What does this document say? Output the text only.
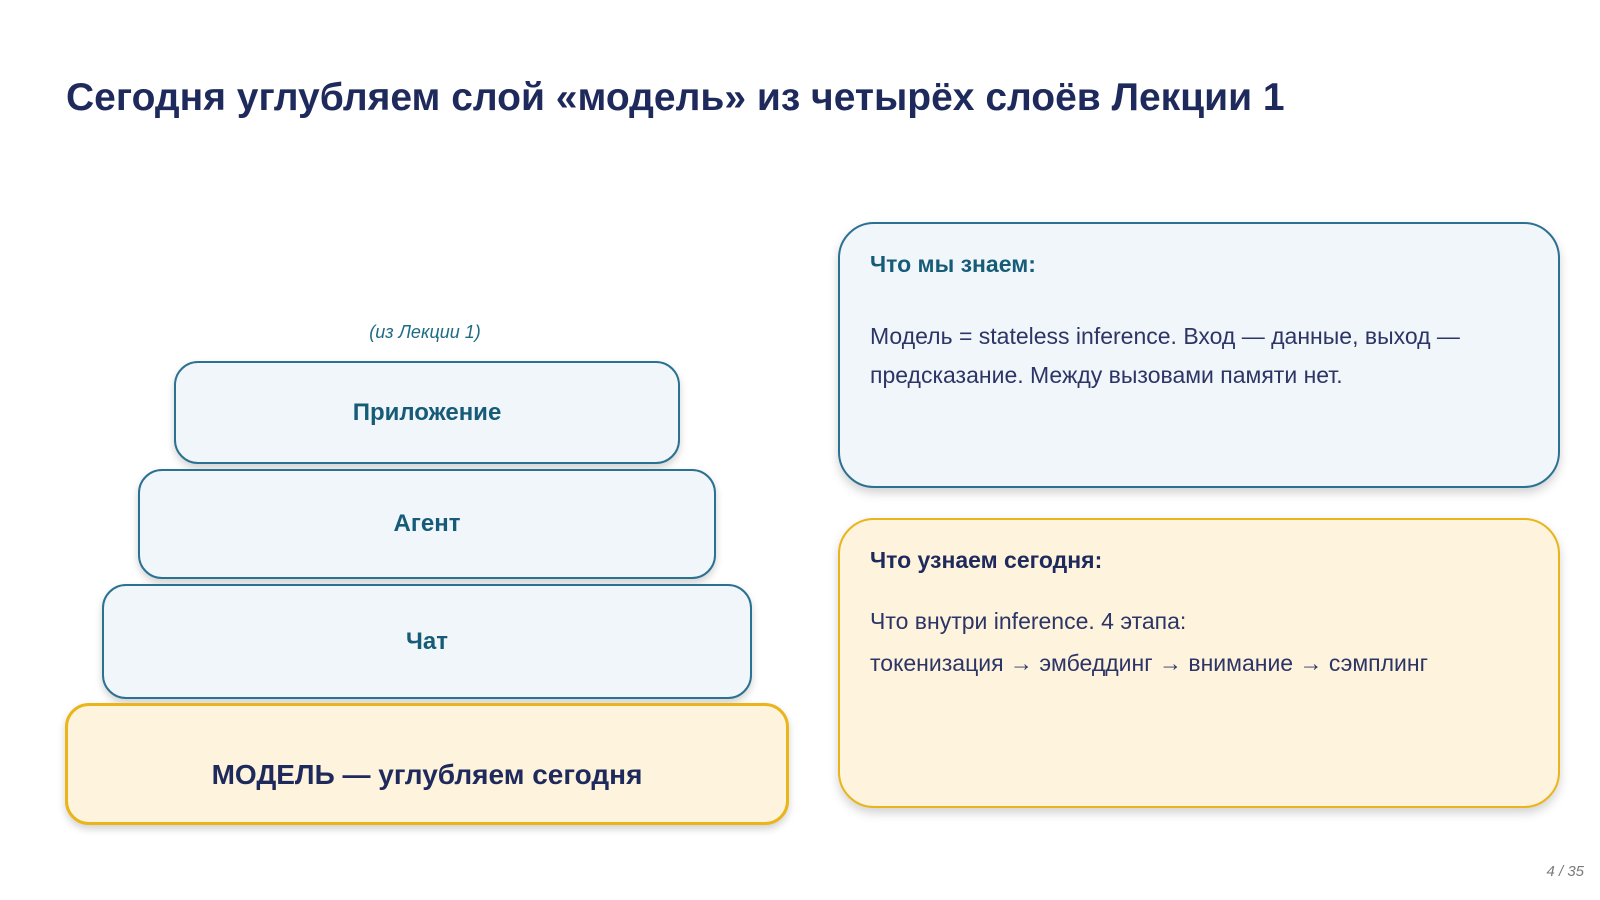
Сегодня углубляем слой «модель» из четырёх слоёв Лекции 1
(из Лекции 1)
Приложение
Агент
Чат
МОДЕЛЬ — углубляем сегодня
Что мы знаем:
Модель = stateless inference. Вход — данные, выход — предсказание. Между вызовами памяти нет.
Что узнаем сегодня:
Что внутри inference. 4 этапа:
токенизация → эмбеддинг → внимание → сэмплинг
4 / 35
